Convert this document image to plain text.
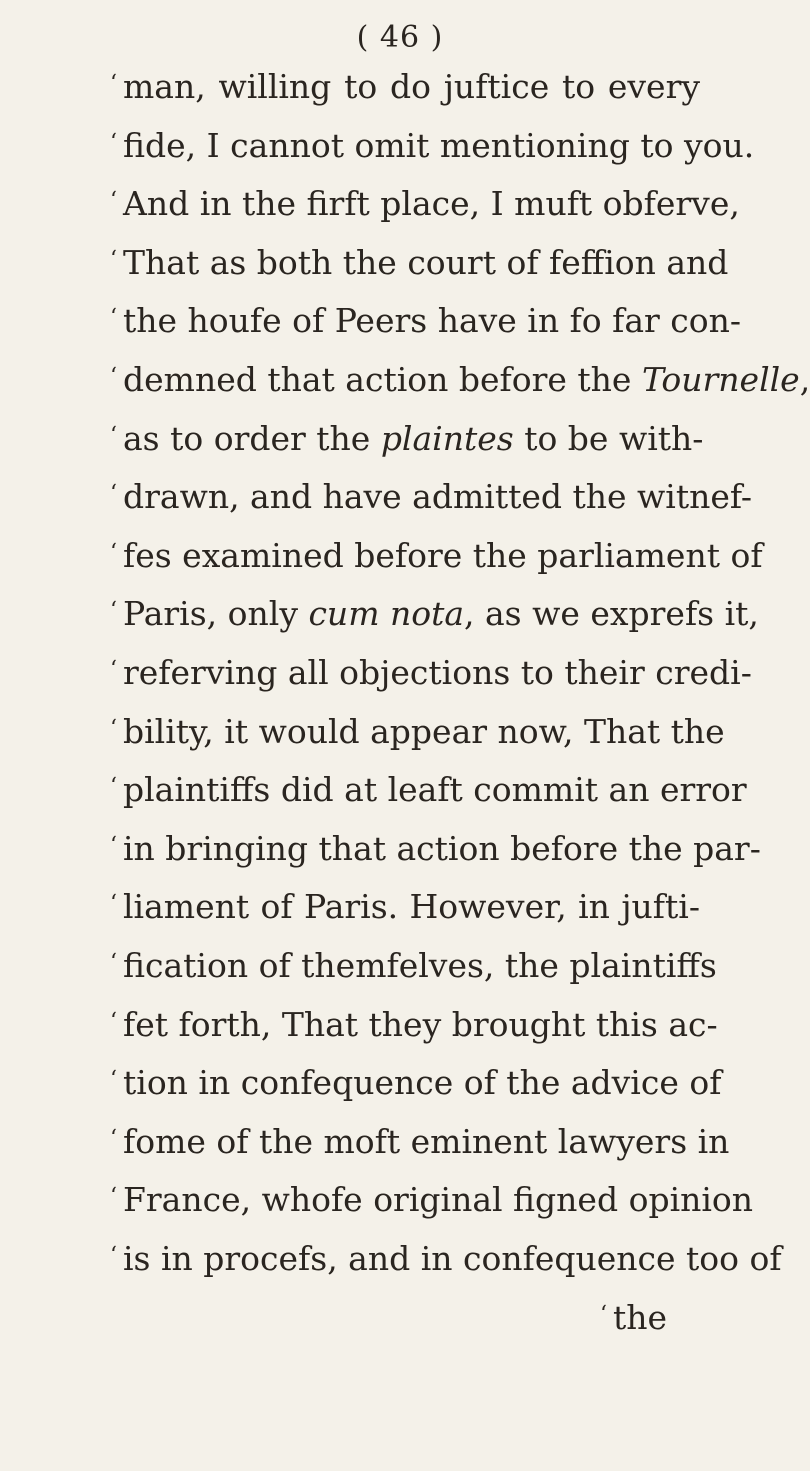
( 46 )
$^ʻ$ man, willing to do juftice to every
$^ʻ$ fide, I cannot omit mentioning to you.
$^ʻ$ And in the firft place, I muft obferve,
$^ʻ$ That as both the court of feffion and
$^ʻ$ the houfe of Peers have in fo far con-
$^ʻ$ demned that action before the Tournelle,
$^ʻ$ as to order the plaintes to be with-
$^ʻ$ drawn, and have admitted the witnef-
$^ʻ$ fes examined before the parliament of
$^ʻ$ Paris, only cum nota, as we exprefs it,
$^ʻ$ referving all objections to their credi-
$^ʻ$ bility, it would appear now, That the
$^ʻ$ plaintiffs did at leaft commit an error
$^ʻ$ in bringing that action before the par-
$^ʻ$ liament of Paris. However, in jufti-
$^ʻ$ fication of themfelves, the plaintiffs
$^ʻ$ fet forth, That they brought this ac-
$^ʻ$ tion in confequence of the advice of
$^ʻ$ fome of the moft eminent lawyers in
$^ʻ$ France, whofe original figned opinion
$^ʻ$ is in procefs, and in confequence too of
$^ʻ$ the
